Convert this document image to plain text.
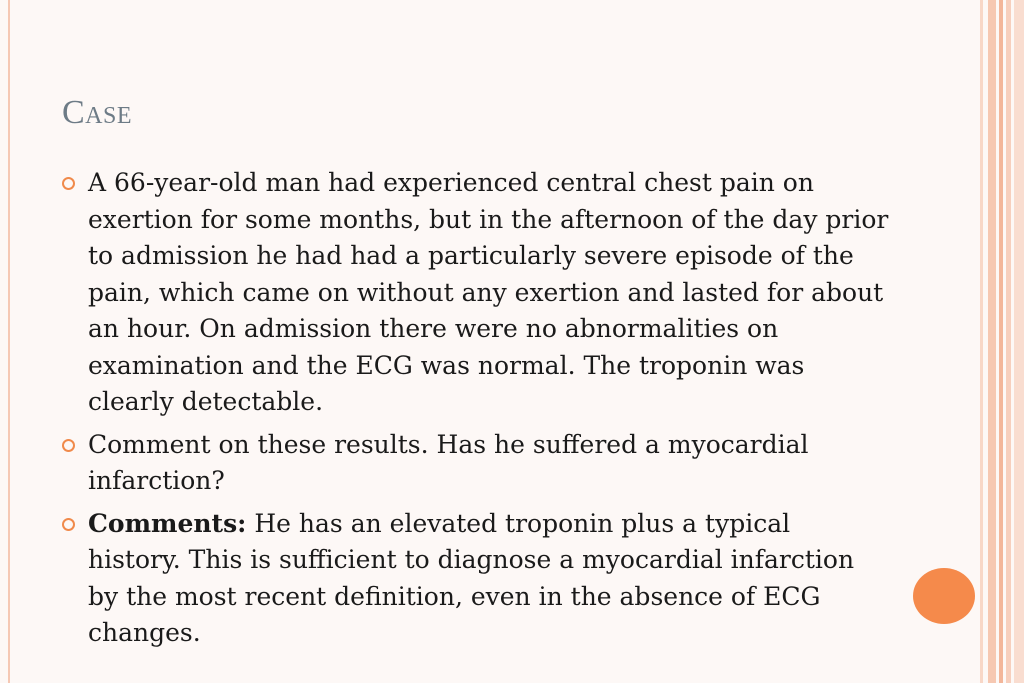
Case
A 66-year-old man had experienced central chest pain on exertion for some months, but in the afternoon of the day prior to admission he had had a particularly severe episode of the pain, which came on without any exertion and lasted for about an hour. On admission there were no abnormalities on examination and the ECG was normal. The troponin was clearly detectable.
Comment on these results. Has he suffered a myocardial infarction?
Comments: He has an elevated troponin plus a typical history. This is sufficient to diagnose a myocardial infarction by the most recent definition, even in the absence of ECG changes.
